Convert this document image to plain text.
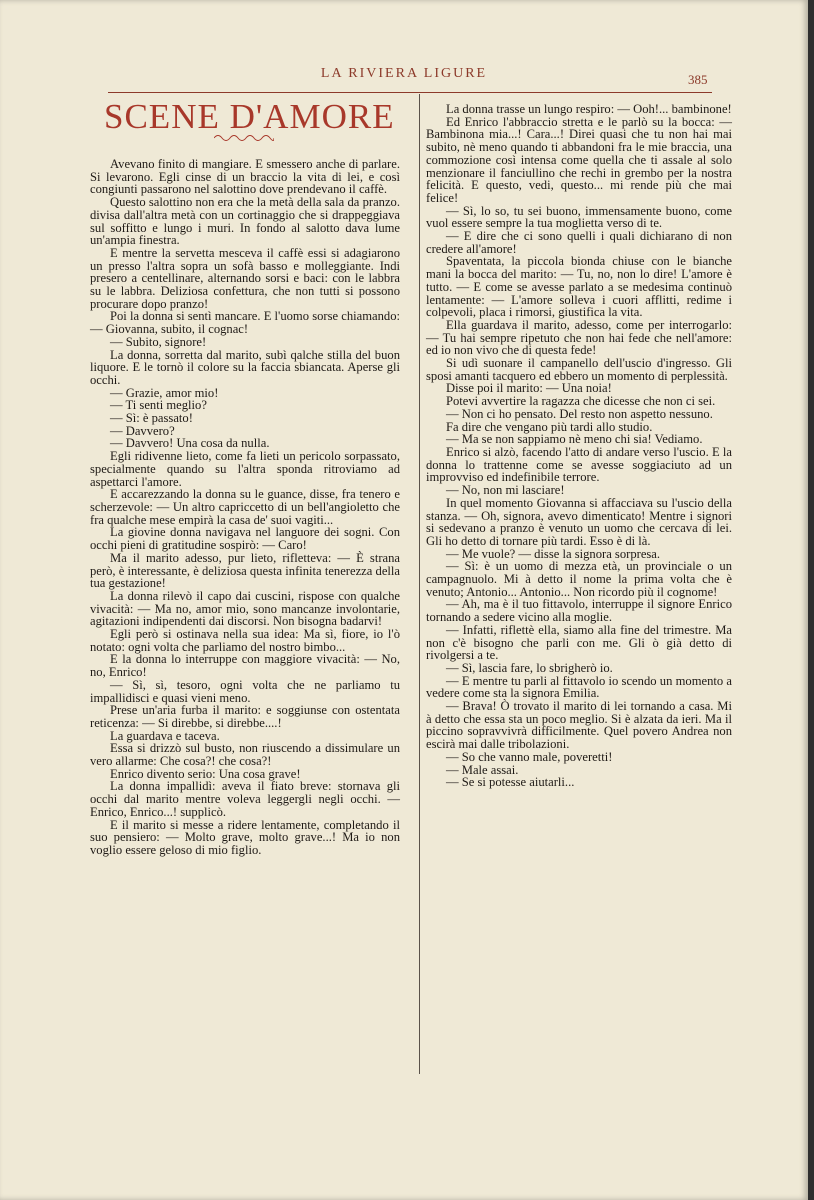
LA RIVIERA LIGURE	385
SCENE D'AMORE

Avevano finito di mangiare. E smessero anche di parlare. Si levarono. Egli cinse di un braccio la vita di lei, e così congiunti passarono nel salottino dove prendevano il caffè.

Questo salottino non era che la metà della sala da pranzo. divisa dall'altra metà con un cortinaggio che si drappeggiava sul soffitto e lungo i muri. In fondo al salotto dava lume un'ampia finestra.

E mentre la servetta mesceva il caffè essi si adagiarono un presso l'altra sopra un sofà basso e molleggiante. Indi presero a centellinare, alternando sorsi e baci: con le labbra su le labbra. Deliziosa confettura, che non tutti si possono procurare dopo pranzo!

Poi la donna si sentì mancare. E l'uomo sorse chiamando: — Giovanna, subito, il cognac!

— Subito, signore!

La donna, sorretta dal marito, subì qalche stilla del buon liquore. E le tornò il colore su la faccia sbiancata. Aperse gli occhi.

— Grazie, amor mio!

— Ti senti meglio?

— Sì: è passato!

— Davvero?

— Davvero! Una cosa da nulla.

Egli ridivenne lieto, come fa lieti un pericolo sorpassato, specialmente quando su l'altra sponda ritroviamo ad aspettarci l'amore.

E accarezzando la donna su le guance, disse, fra tenero e scherzevole: — Un altro capriccetto di un bell'angioletto che fra qualche mese empirà la casa de' suoi vagiti...

La giovine donna navigava nel languore dei sogni. Con occhi pieni di gratitudine sospirò: — Caro!

Ma il marito adesso, pur lieto, rifletteva: — È strana però, è interessante, è deliziosa questa infinita tenerezza della tua gestazione!

La donna rilevò il capo dai cuscini, rispose con qualche vivacità: — Ma no, amor mio, sono mancanze involontarie, agitazioni indipendenti dai discorsi. Non bisogna badarvi!

Egli però si ostinava nella sua idea: Ma sì, fiore, io l'ò notato: ogni volta che parliamo del nostro bimbo...

E la donna lo interruppe con maggiore vivacità: — No, no, Enrico!

— Sì, sì, tesoro, ogni volta che ne parliamo tu impallidisci e quasi vieni meno.

Prese un'aria furba il marito: e soggiunse con ostentata reticenza: — Si direbbe, si direbbe....!

La guardava e taceva.

Essa si drizzò sul busto, non riuscendo a dissimulare un vero allarme: Che cosa?! che cosa?!

Enrico divento serio: Una cosa grave!

La donna impallidì: aveva il fiato breve: stornava gli occhi dal marito mentre voleva leggergli negli occhi. — Enrico, Enrico...! supplicò.

E il marito si messe a ridere lentamente, completando il suo pensiero: — Molto grave, molto grave...! Ma io non voglio essere geloso di mio figlio.

La donna trasse un lungo respiro: — Ooh!... bambinone!

Ed Enrico l'abbraccio stretta e le parlò su la bocca: — Bambinona mia...! Cara...! Direi quasi che tu non hai mai subito, nè meno quando ti abbandoni fra le mie braccia, una commozione così intensa come quella che ti assale al solo menzionare il fanciullino che rechi in grembo per la nostra felicità. E questo, vedi, questo... mi rende più che mai felice!

— Sì, lo so, tu sei buono, immensamente buono, come vuol essere sempre la tua moglietta verso di te.

— E dire che ci sono quelli i quali dichiarano di non credere all'amore!

Spaventata, la piccola bionda chiuse con le bianche mani la bocca del marito: — Tu, no, non lo dire! L'amore è tutto. — E come se avesse parlato a se medesima continuò lentamente: — L'amore solleva i cuori afflitti, redime i colpevoli, placa i rimorsi, giustifica la vita.

Ella guardava il marito, adesso, come per interrogarlo: — Tu hai sempre ripetuto che non hai fede che nell'amore: ed io non vivo che di questa fede!

Si udì suonare il campanello dell'uscio d'ingresso. Gli sposi amanti tacquero ed ebbero un momento di perplessità.

Disse poi il marito: — Una noia!

Potevi avvertire la ragazza che dicesse che non ci sei.

— Non ci ho pensato. Del resto non aspetto nessuno.

Fa dire che vengano più tardi allo studio.

— Ma se non sappiamo nè meno chi sia! Vediamo.

Enrico si alzò, facendo l'atto di andare verso l'uscio. E la donna lo trattenne come se avesse soggiaciuto ad un improvviso ed indefinibile terrore.

— No, non mi lasciare!

In quel momento Giovanna si affacciava su l'uscio della stanza. — Oh, signora, avevo dimenticato! Mentre i signori si sedevano a pranzo è venuto un uomo che cercava di lei. Gli ho detto di tornare più tardi. Esso è di là.

— Me vuole? — disse la signora sorpresa.

— Sì: è un uomo di mezza età, un provinciale o un campagnuolo. Mi à detto il nome la prima volta che è venuto; Antonio... Antonio... Non ricordo più il cognome!

— Ah, ma è il tuo fittavolo, interruppe il signore Enrico tornando a sedere vicino alla moglie.

— Infatti, riflettè ella, siamo alla fine del trimestre. Ma non c'è bisogno che parli con me. Gli ò già detto di rivolgersi a te.

— Sì, lascia fare, lo sbrigherò io.

— E mentre tu parli al fittavolo io scendo un momento a vedere come sta la signora Emilia.

— Brava! Ò trovato il marito di lei tornando a casa. Mi à detto che essa sta un poco meglio. Si è alzata da ieri. Ma il piccino sopravvivrà difficilmente. Quel povero Andrea non escirà mai dalle tribolazioni.

— So che vanno male, poveretti!

— Male assai.

— Se si potesse aiutarli...
